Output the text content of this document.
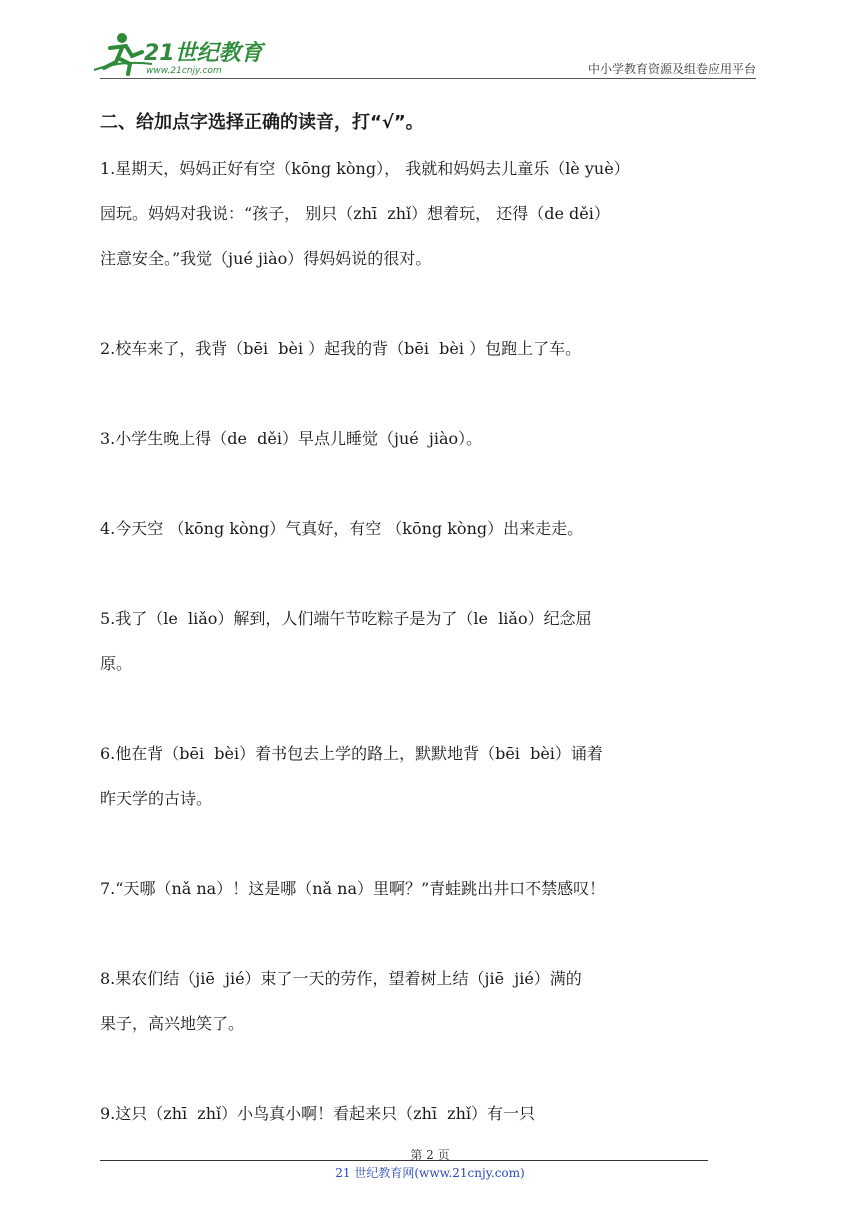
21世纪教育
www.21cnjy.com	中小学教育资源及组卷应用平台

二、给加点字选择正确的读音，打“√”。

1.星期天，妈妈正好有空（kōng kòng）， 我就和妈妈去儿童乐（lè yuè）

园玩。妈妈对我说：“孩子， 别只（zhī  zhǐ）想着玩， 还得（de děi）

注意安全。”我觉（jué jiào）得妈妈说的很对。

2.校车来了，我背（bēi  bèi ）起我的背（bēi  bèi ）包跑上了车。

3.小学生晚上得（de  děi）早点儿睡觉（jué  jiào）。

4.今天空 （kōng kòng）气真好，有空 （kōng kòng）出来走走。

5.我了（le  liǎo）解到，人们端午节吃粽子是为了（le  liǎo）纪念屈

原。

6.他在背（bēi  bèi）着书包去上学的路上，默默地背（bēi  bèi）诵着

昨天学的古诗。

7.“天哪（nǎ na）！这是哪（nǎ na）里啊？”青蛙跳出井口不禁感叹！

8.果农们结（jiē  jié）束了一天的劳作，望着树上结（jiē  jié）满的

果子，高兴地笑了。

9.这只（zhī  zhǐ）小鸟真小啊！看起来只（zhī  zhǐ）有一只

第 2 页
21 世纪教育网(www.21cnjy.com)
